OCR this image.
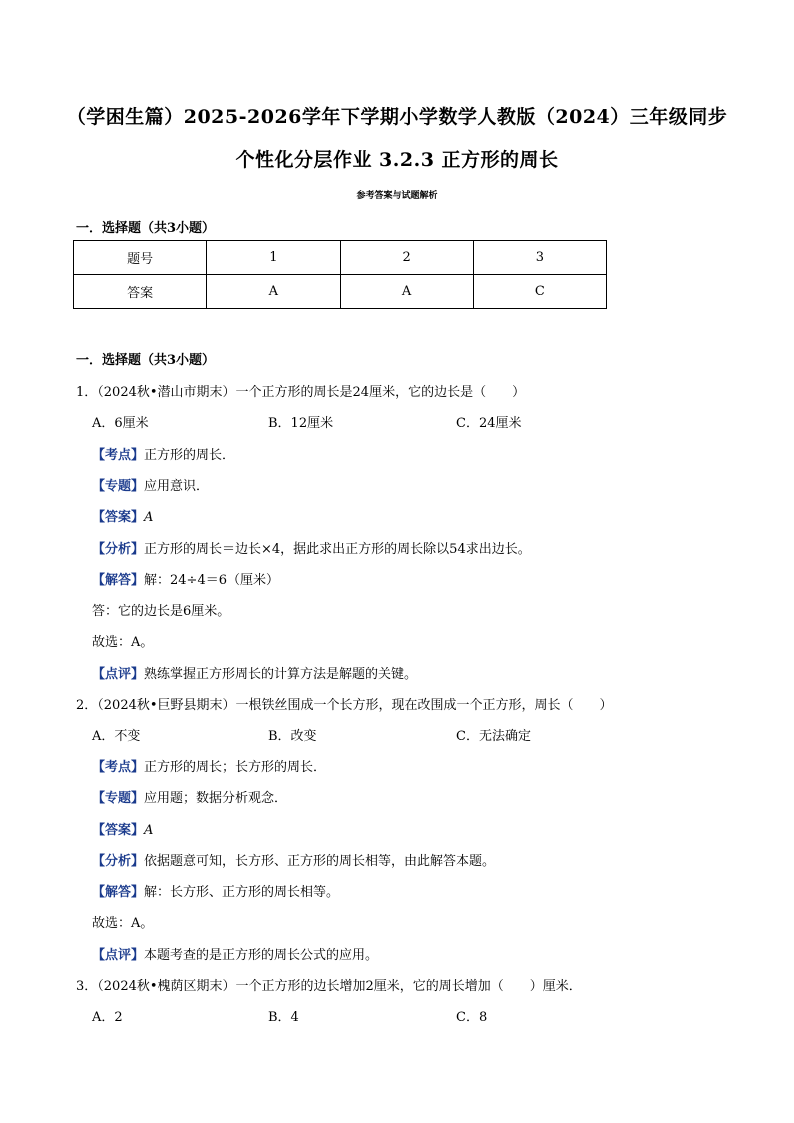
（学困生篇）2025-2026学年下学期小学数学人教版（2024）三年级同步
个性化分层作业 3.2.3 正方形的周长
参考答案与试题解析
一．选择题（共3小题）
题号	1	2	3
答案	A	A	C
一．选择题（共3小题）
1．（2024秋•潜山市期末）一个正方形的周长是24厘米，它的边长是（　　）
A．6厘米	B．12厘米	C．24厘米
【考点】正方形的周长．
【专题】应用意识．
【答案】A
【分析】正方形的周长＝边长×4，据此求出正方形的周长除以54求出边长。
【解答】解：24÷4＝6（厘米）
答：它的边长是6厘米。
故选：A。
【点评】熟练掌握正方形周长的计算方法是解题的关键。
2．（2024秋•巨野县期末）一根铁丝围成一个长方形，现在改围成一个正方形，周长（　　）
A．不变	B．改变	C．无法确定
【考点】正方形的周长；长方形的周长．
【专题】应用题；数据分析观念．
【答案】A
【分析】依据题意可知，长方形、正方形的周长相等，由此解答本题。
【解答】解：长方形、正方形的周长相等。
故选：A。
【点评】本题考查的是正方形的周长公式的应用。
3．（2024秋•槐荫区期末）一个正方形的边长增加2厘米，它的周长增加（　　）厘米．
A．2	B．4	C．8
